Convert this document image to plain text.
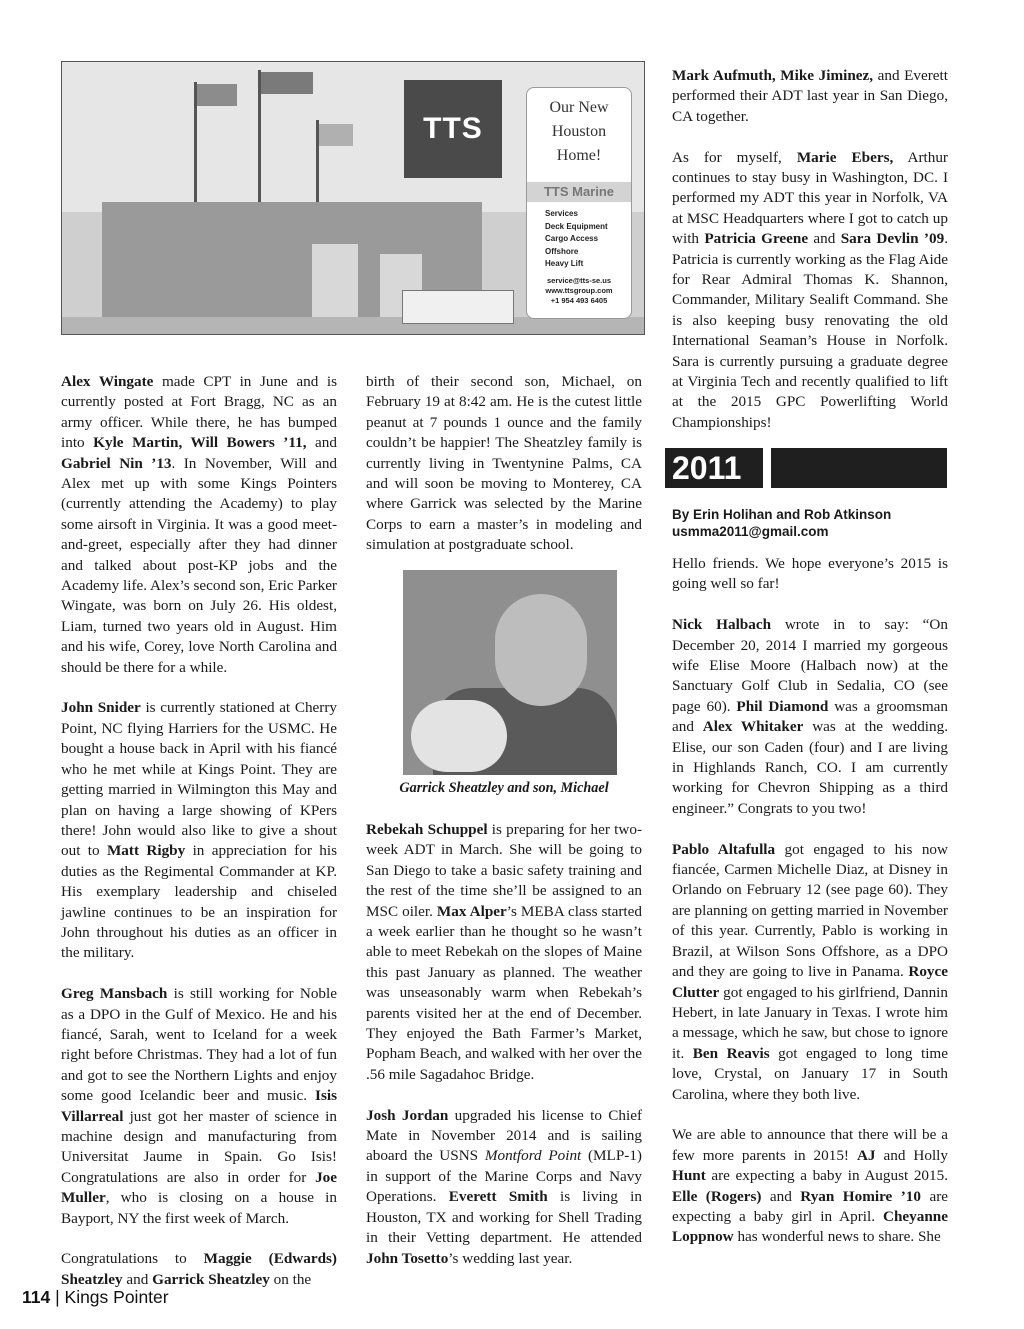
TTS
Our New
Houston
Home!
TTS Marine
Services
Deck Equipment
Cargo Access
Offshore
Heavy Lift
service@tts-se.us
www.ttsgroup.com
+1 954 493 6405

Alex Wingate made CPT in June and is currently posted at Fort Bragg, NC as an army officer. While there, he has bumped into Kyle Martin, Will Bowers ’11, and Gabriel Nin ’13. In November, Will and Alex met up with some Kings Pointers (currently attending the Academy) to play some airsoft in Virginia. It was a good meet-and-greet, especially after they had dinner and talked about post-KP jobs and the Academy life. Alex’s second son, Eric Parker Wingate, was born on July 26. His oldest, Liam, turned two years old in August. Him and his wife, Corey, love North Carolina and should be there for a while.

John Snider is currently stationed at Cherry Point, NC flying Harriers for the USMC. He bought a house back in April with his fiancé who he met while at Kings Point. They are getting married in Wilmington this May and plan on having a large showing of KPers there! John would also like to give a shout out to Matt Rigby in appreciation for his duties as the Regimental Commander at KP. His exemplary leadership and chiseled jawline continues to be an inspiration for John throughout his duties as an officer in the military.

Greg Mansbach is still working for Noble as a DPO in the Gulf of Mexico. He and his fiancé, Sarah, went to Iceland for a week right before Christmas. They had a lot of fun and got to see the Northern Lights and enjoy some good Icelandic beer and music. Isis Villarreal just got her master of science in machine design and manufacturing from Universitat Jaume in Spain. Go Isis! Congratulations are also in order for Joe Muller, who is closing on a house in Bayport, NY the first week of March.

Congratulations to Maggie (Edwards) Sheatzley and Garrick Sheatzley on the

birth of their second son, Michael, on February 19 at 8:42 am. He is the cutest little peanut at 7 pounds 1 ounce and the family couldn’t be happier! The Sheatzley family is currently living in Twentynine Palms, CA and will soon be moving to Monterey, CA where Garrick was selected by the Marine Corps to earn a master’s in modeling and simulation at postgraduate school.

Garrick Sheatzley and son, Michael

Rebekah Schuppel is preparing for her two-week ADT in March. She will be going to San Diego to take a basic safety training and the rest of the time she’ll be assigned to an MSC oiler. Max Alper’s MEBA class started a week earlier than he thought so he wasn’t able to meet Rebekah on the slopes of Maine this past January as planned. The weather was unseasonably warm when Rebekah’s parents visited her at the end of December. They enjoyed the Bath Farmer’s Market, Popham Beach, and walked with her over the .56 mile Sagadahoc Bridge.

Josh Jordan upgraded his license to Chief Mate in November 2014 and is sailing aboard the USNS Montford Point (MLP-1) in support of the Marine Corps and Navy Operations. Everett Smith is living in Houston, TX and working for Shell Trading in their Vetting department. He attended John Tosetto’s wedding last year.

Mark Aufmuth, Mike Jiminez, and Everett performed their ADT last year in San Diego, CA together.

As for myself, Marie Ebers, Arthur continues to stay busy in Washington, DC. I performed my ADT this year in Norfolk, VA at MSC Headquarters where I got to catch up with Patricia Greene and Sara Devlin ’09. Patricia is currently working as the Flag Aide for Rear Admiral Thomas K. Shannon, Commander, Military Sealift Command. She is also keeping busy renovating the old International Seaman’s House in Norfolk. Sara is currently pursuing a graduate degree at Virginia Tech and recently qualified to lift at the 2015 GPC Powerlifting World Championships!

2011
By Erin Holihan and Rob Atkinson
usmma2011@gmail.com

Hello friends. We hope everyone’s 2015 is going well so far!

Nick Halbach wrote in to say: “On December 20, 2014 I married my gorgeous wife Elise Moore (Halbach now) at the Sanctuary Golf Club in Sedalia, CO (see page 60). Phil Diamond was a groomsman and Alex Whitaker was at the wedding. Elise, our son Caden (four) and I are living in Highlands Ranch, CO. I am currently working for Chevron Shipping as a third engineer.” Congrats to you two!

Pablo Altafulla got engaged to his now fiancée, Carmen Michelle Diaz, at Disney in Orlando on February 12 (see page 60). They are planning on getting married in November of this year. Currently, Pablo is working in Brazil, at Wilson Sons Offshore, as a DPO and they are going to live in Panama. Royce Clutter got engaged to his girlfriend, Dannin Hebert, in late January in Texas. I wrote him a message, which he saw, but chose to ignore it. Ben Reavis got engaged to long time love, Crystal, on January 17 in South Carolina, where they both live.

We are able to announce that there will be a few more parents in 2015! AJ and Holly Hunt are expecting a baby in August 2015. Elle (Rogers) and Ryan Homire ’10 are expecting a baby girl in April. Cheyanne Loppnow has wonderful news to share. She

114 | Kings Pointer
